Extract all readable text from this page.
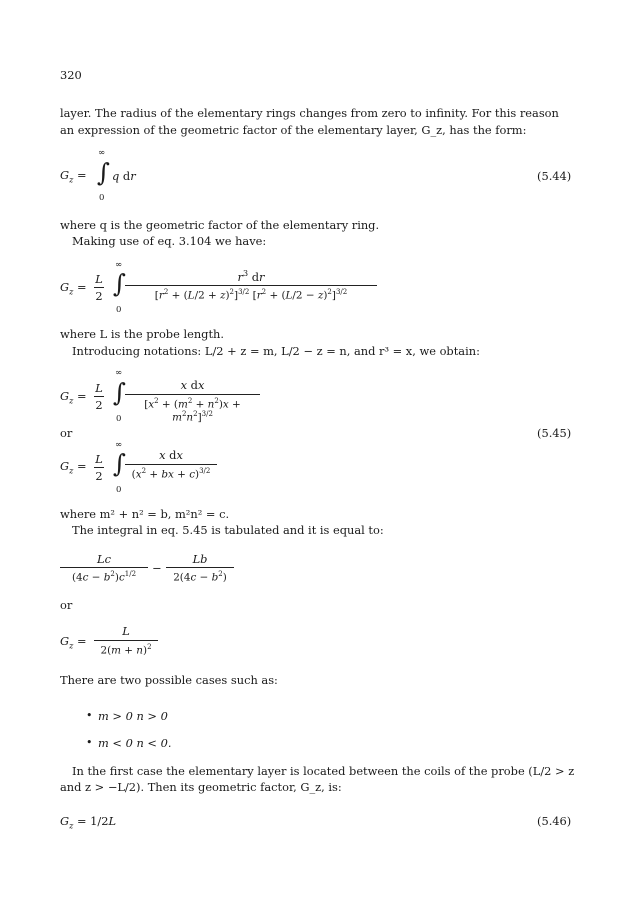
320
layer. The radius of the elementary rings changes from zero to infinity. For this reason
an expression of the geometric factor of the elementary layer, G_z, has the form:
$G_z$ =
∞
∫
0
q dr	(5.44)
where q is the geometric factor of the elementary ring.
Making use of eq. 3.104 we have:
$G_z$ =
L
2
∞
∫
0
$r^3$ dr
$[r^2 + (L/2 + z)^2]^{3/2}$ $[r^2 + (L/2 - z)^2]^{3/2}$
where L is the probe length.
Introducing notations: L/2 + z = m, L/2 − z = n, and r³ = x, we obtain:
$G_z$ =
L
2
∞
∫
0
x dx
$[x^2 + (m^2 + n^2)x + m^2n^2]^{3/2}$
or	(5.45)
$G_z = L$
2
∞
∫
0
x dx
($x^2$ + bx + c)$^{3/2}$
where m² + n² = b, m²n² = c.
The integral in eq. 5.45 is tabulated and it is equal to:
Lc
$(4c - b^2)c^{1/2}$	−
Lb
$2(4c - b^2)$
or
$G_z$ =
L
$2(m + n)^2$
There are two possible cases such as:
• m > 0 n > 0
• m < 0 n < 0.
In the first case the elementary layer is located between the coils of the probe (L/2 > z
and z > −L/2). Then its geometric factor, G_z, is:
$G_z = 1/2L$	(5.46)
